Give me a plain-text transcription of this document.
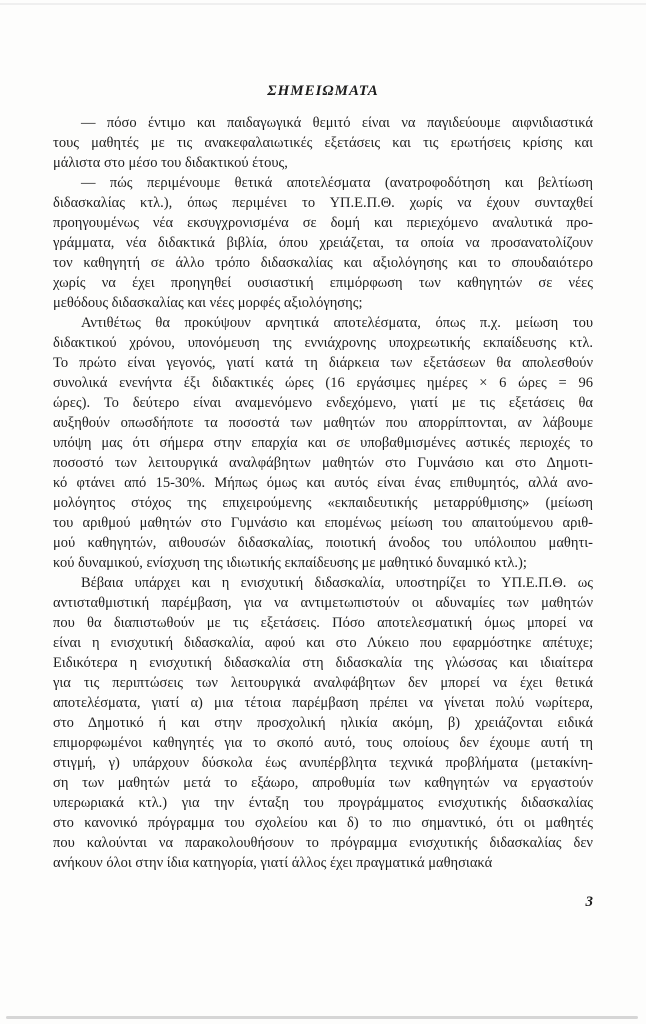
ΣΗΜΕΙΩΜΑΤΑ
— πόσο έντιμο και παιδαγωγικά θεμιτό είναι να παγιδεύουμε αιφνιδιαστικά
τους μαθητές με τις ανακεφαλαιωτικές εξετάσεις και τις ερωτήσεις κρίσης και
μάλιστα στο μέσο του διδακτικού έτους,
— πώς περιμένουμε θετικά αποτελέσματα (ανατροφοδότηση και βελτίωση
διδασκαλίας κτλ.), όπως περιμένει το ΥΠ.Ε.Π.Θ. χωρίς να έχουν συνταχθεί
προηγουμένως νέα εκσυγχρονισμένα σε δομή και περιεχόμενο αναλυτικά προ-
γράμματα, νέα διδακτικά βιβλία, όπου χρειάζεται, τα οποία να προσανατολίζουν
τον καθηγητή σε άλλο τρόπο διδασκαλίας και αξιολόγησης και το σπουδαιότερο
χωρίς να έχει προηγηθεί ουσιαστική επιμόρφωση των καθηγητών σε νέες
μεθόδους διδασκαλίας και νέες μορφές αξιολόγησης;
Αντιθέτως θα προκύψουν αρνητικά αποτελέσματα, όπως π.χ. μείωση του
διδακτικού χρόνου, υπονόμευση της εννιάχρονης υποχρεωτικής εκπαίδευσης κτλ.
Το πρώτο είναι γεγονός, γιατί κατά τη διάρκεια των εξετάσεων θα απολεσθούν
συνολικά ενενήντα έξι διδακτικές ώρες (16 εργάσιμες ημέρες × 6 ώρες = 96
ώρες). Το δεύτερο είναι αναμενόμενο ενδεχόμενο, γιατί με τις εξετάσεις θα
αυξηθούν οπωσδήποτε τα ποσοστά των μαθητών που απορρίπτονται, αν λάβουμε
υπόψη μας ότι σήμερα στην επαρχία και σε υποβαθμισμένες αστικές περιοχές το
ποσοστό των λειτουργικά αναλφάβητων μαθητών στο Γυμνάσιο και στο Δημοτι-
κό φτάνει από 15-30%. Μήπως όμως και αυτός είναι ένας επιθυμητός, αλλά ανο-
μολόγητος στόχος της επιχειρούμενης «εκπαιδευτικής μεταρρύθμισης» (μείωση
του αριθμού μαθητών στο Γυμνάσιο και επομένως μείωση του απαιτούμενου αριθ-
μού καθηγητών, αιθουσών διδασκαλίας, ποιοτική άνοδος του υπόλοιπου μαθητι-
κού δυναμικού, ενίσχυση της ιδιωτικής εκπαίδευσης με μαθητικό δυναμικό κτλ.);
Βέβαια υπάρχει και η ενισχυτική διδασκαλία, υποστηρίζει το ΥΠ.Ε.Π.Θ. ως
αντισταθμιστική παρέμβαση, για να αντιμετωπιστούν οι αδυναμίες των μαθητών
που θα διαπιστωθούν με τις εξετάσεις. Πόσο αποτελεσματική όμως μπορεί να
είναι η ενισχυτική διδασκαλία, αφού και στο Λύκειο που εφαρμόστηκε απέτυχε;
Ειδικότερα η ενισχυτική διδασκαλία στη διδασκαλία της γλώσσας και ιδιαίτερα
για τις περιπτώσεις των λειτουργικά αναλφάβητων δεν μπορεί να έχει θετικά
αποτελέσματα, γιατί α) μια τέτοια παρέμβαση πρέπει να γίνεται πολύ νωρίτερα,
στο Δημοτικό ή και στην προσχολική ηλικία ακόμη, β) χρειάζονται ειδικά
επιμορφωμένοι καθηγητές για το σκοπό αυτό, τους οποίους δεν έχουμε αυτή τη
στιγμή, γ) υπάρχουν δύσκολα έως ανυπέρβλητα τεχνικά προβλήματα (μετακίνη-
ση των μαθητών μετά το εξάωρο, απροθυμία των καθηγητών να εργαστούν
υπερωριακά κτλ.) για την ένταξη του προγράμματος ενισχυτικής διδασκαλίας
στο κανονικό πρόγραμμα του σχολείου και δ) το πιο σημαντικό, ότι οι μαθητές
που καλούνται να παρακολουθήσουν το πρόγραμμα ενισχυτικής διδασκαλίας δεν
ανήκουν όλοι στην ίδια κατηγορία, γιατί άλλος έχει πραγματικά μαθησιακά
3
